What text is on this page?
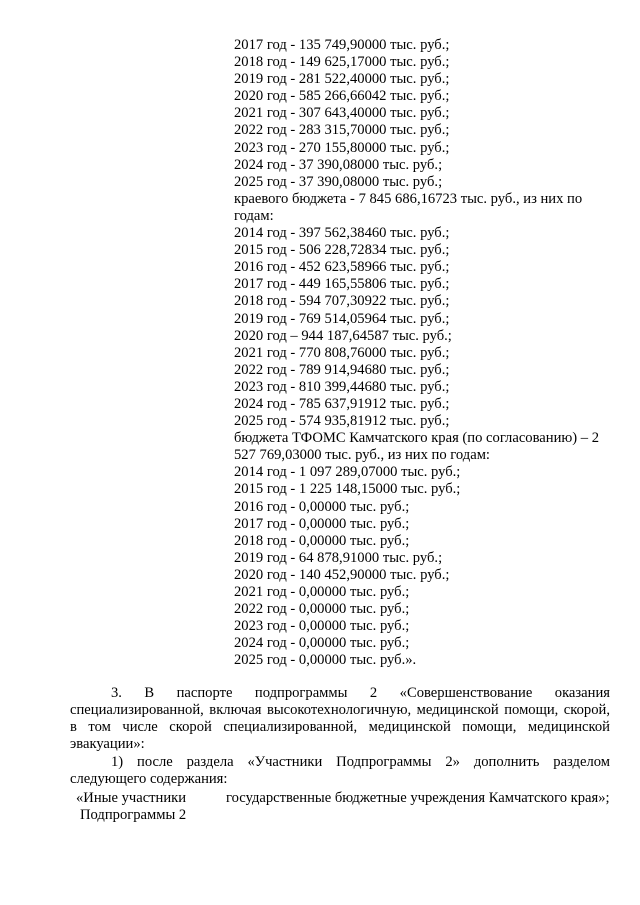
2017 год - 135 749,90000 тыс. руб.;
2018 год - 149 625,17000 тыс. руб.;
2019 год - 281 522,40000 тыс. руб.;
2020 год - 585 266,66042 тыс. руб.;
2021 год - 307 643,40000 тыс. руб.;
2022 год - 283 315,70000 тыс. руб.;
2023 год - 270 155,80000 тыс. руб.;
2024 год - 37 390,08000 тыс. руб.;
2025 год - 37 390,08000 тыс. руб.;
краевого бюджета - 7 845 686,16723 тыс. руб., из них по годам:
2014 год - 397 562,38460 тыс. руб.;
2015 год - 506 228,72834 тыс. руб.;
2016 год - 452 623,58966 тыс. руб.;
2017 год - 449 165,55806 тыс. руб.;
2018 год - 594 707,30922 тыс. руб.;
2019 год - 769 514,05964 тыс. руб.;
2020 год – 944 187,64587 тыс. руб.;
2021 год - 770 808,76000 тыс. руб.;
2022 год - 789 914,94680 тыс. руб.;
2023 год - 810 399,44680 тыс. руб.;
2024 год - 785 637,91912 тыс. руб.;
2025 год - 574 935,81912 тыс. руб.;
бюджета ТФОМС Камчатского края (по согласованию) – 2 527 769,03000 тыс. руб., из них по годам:
2014 год - 1 097 289,07000 тыс. руб.;
2015 год - 1 225 148,15000 тыс. руб.;
2016 год - 0,00000 тыс. руб.;
2017 год - 0,00000 тыс. руб.;
2018 год - 0,00000 тыс. руб.;
2019 год - 64 878,91000 тыс. руб.;
2020 год - 140 452,90000 тыс. руб.;
2021 год - 0,00000 тыс. руб.;
2022 год - 0,00000 тыс. руб.;
2023 год - 0,00000 тыс. руб.;
2024 год - 0,00000 тыс. руб.;
2025 год - 0,00000 тыс. руб.».

3. В паспорте подпрограммы 2 «Совершенствование оказания специализированной, включая высокотехнологичную, медицинской помощи, скорой, в том числе скорой специализированной, медицинской помощи, медицинской эвакуации»:

1) после раздела «Участники Подпрограммы 2» дополнить разделом следующего содержания:

«Иные участники
Подпрограммы 2
государственные бюджетные учреждения Камчатского края»;
